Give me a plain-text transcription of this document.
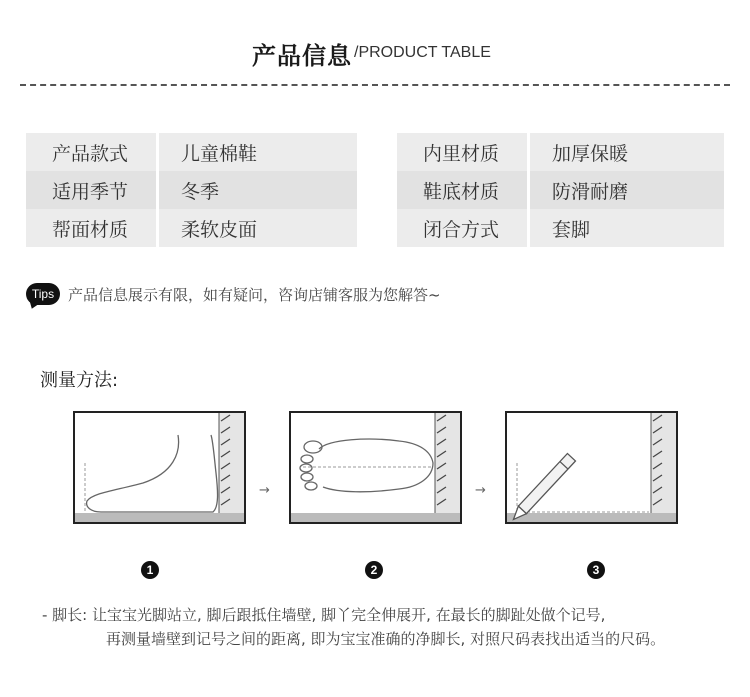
产品信息 /PRODUCT TABLE
产品款式	儿童棉鞋
适用季节	冬季
帮面材质	柔软皮面
内里材质	加厚保暖
鞋底材质	防滑耐磨
闭合方式	套脚
Tips 产品信息展示有限，如有疑问，咨询店铺客服为您解答~
测量方法:
→	→
1	2	3
- 脚长: 让宝宝光脚站立, 脚后跟抵住墙壁, 脚丫完全伸展开, 在最长的脚趾处做个记号,
再测量墙壁到记号之间的距离, 即为宝宝准确的净脚长, 对照尺码表找出适当的尺码。
